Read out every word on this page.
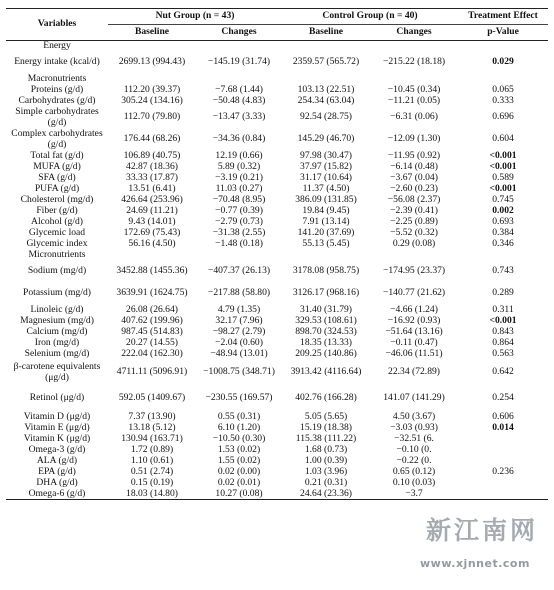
Variables	Nut Group (n = 43)		Control Group (n = 40)		Treatment Effect
	Baseline	Changes	Baseline	Changes	p-Value
Energy					
Energy intake (kcal/d)	2699.13 (994.43)	−145.19 (31.74)	2359.57 (565.72)	−215.22 (18.18)	0.029
Macronutrients					
Proteins (g/d)	112.20 (39.37)	−7.68 (1.44)	103.13 (22.51)	−10.45 (0.34)	0.065
Carbohydrates (g/d)	305.24 (134.16)	−50.48 (4.83)	254.34 (63.04)	−11.21 (0.05)	0.333
Simple carbohydrates (g/d)	112.70 (79.80)	−13.47 (3.33)	92.54 (28.75)	−6.31 (0.06)	0.696
Complex carbohydrates (g/d)	176.44 (68.26)	−34.36 (0.84)	145.29 (46.70)	−12.09 (1.30)	0.604
Total fat (g/d)	106.89 (40.75)	12.19 (0.66)	97.98 (30.47)	−11.95 (0.92)	<0.001
MUFA (g/d)	42.87 (18.36)	5.89 (0.32)	37.97 (15.82)	−6.14 (0.48)	<0.001
SFA (g/d)	33.33 (17.87)	−3.19 (0.21)	31.17 (10.64)	−3.67 (0.04)	0.589
PUFA (g/d)	13.51 (6.41)	11.03 (0.27)	11.37 (4.50)	−2.60 (0.23)	<0.001
Cholesterol (mg/d)	426.64 (253.96)	−70.48 (8.95)	386.09 (131.85)	−56.08 (2.37)	0.745
Fiber (g/d)	24.69 (11.21)	−0.77 (0.39)	19.84 (9.45)	−2.39 (0.41)	0.002
Alcohol (g/d)	9.43 (14.01)	−2.79 (0.73)	7.91 (13.14)	−2.25 (0.89)	0.693
Glycemic load	172.69 (75.43)	−31.38 (2.55)	141.20 (37.69)	−5.52 (0.32)	0.384
Glycemic index	56.16 (4.50)	−1.48 (0.18)	55.13 (5.45)	0.29 (0.08)	0.346
Micronutrients					
Sodium (mg/d)	3452.88 (1455.36)	−407.37 (26.13)	3178.08 (958.75)	−174.95 (23.37)	0.743
Potassium (mg/d)	3639.91 (1624.75)	−217.88 (58.80)	3126.17 (968.16)	−140.77 (21.62)	0.289
Linoleic (g/d)	26.08 (26.64)	4.79 (1.35)	31.40 (31.79)	−4.66 (1.24)	0.311
Magnesium (mg/d)	407.62 (199.96)	32.17 (7.96)	329.53 (108.61)	−16.92 (0.93)	<0.001
Calcium (mg/d)	987.45 (514.83)	−98.27 (2.79)	898.70 (324.53)	−51.64 (13.16)	0.843
Iron (mg/d)	20.27 (14.55)	−2.04 (0.60)	18.35 (13.33)	−0.11 (0.47)	0.864
Selenium (mg/d)	222.04 (162.30)	−48.94 (13.01)	209.25 (140.86)	−46.06 (11.51)	0.563
β-carotene equivalents (μg/d)	4711.11 (5096.91)	−1008.75 (348.71)	3913.42 (4116.64)	22.34 (72.89)	0.642
Retinol (μg/d)	592.05 (1409.67)	−230.55 (169.57)	402.76 (166.28)	141.07 (141.29)	0.254
Vitamin D (μg/d)	7.37 (13.90)	0.55 (0.31)	5.05 (5.65)	4.50 (3.67)	0.606
Vitamin E (μg/d)	13.18 (5.12)	6.10 (1.20)	15.19 (18.38)	−3.03 (0.93)	0.014
Vitamin K (μg/d)	130.94 (163.71)	−10.50 (0.30)	115.38 (111.22)	−32.51 (6.	
Omega-3 (g/d)	1.72 (0.89)	1.53 (0.02)	1.68 (0.73)	−0.10 (0.	
ALA (g/d)	1.10 (0.61)	1.55 (0.02)	1.00 (0.39)	−0.22 (0.	
EPA (g/d)	0.51 (2.74)	0.02 (0.00)	1.03 (3.96)	0.65 (0.12)	0.236
DHA (g/d)	0.15 (0.19)	0.02 (0.01)	0.21 (0.31)	0.10 (0.03)	
Omega-6 (g/d)	18.03 (14.80)	10.27 (0.08)	24.64 (23.36)	−3.7	
新江南网
www.xjnnet.com
